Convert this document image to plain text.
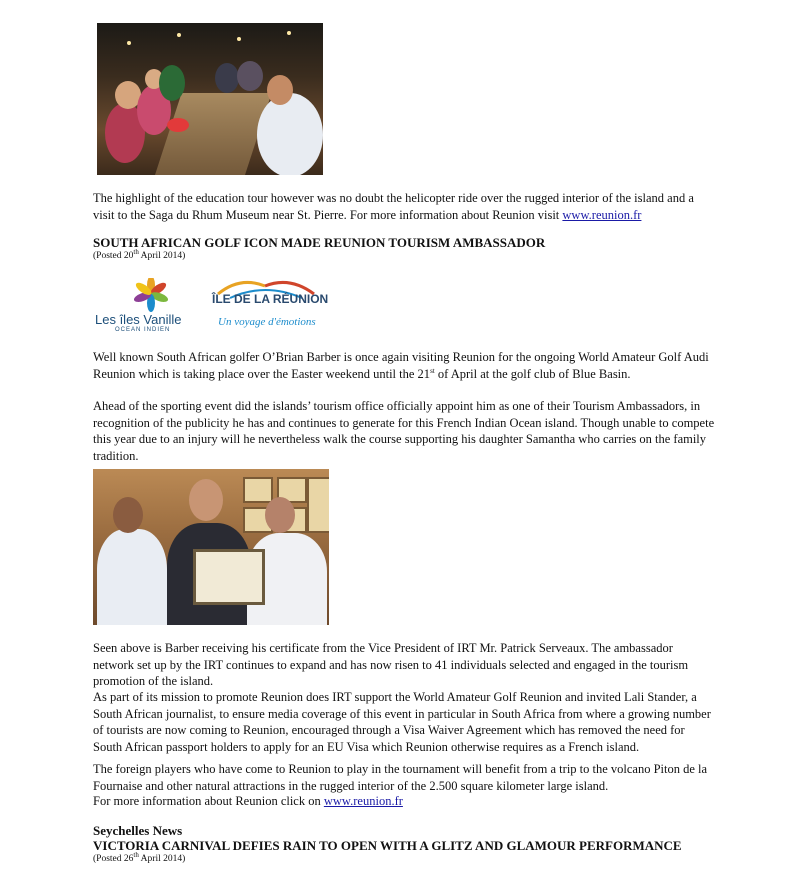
The highlight of the education tour however was no doubt the helicopter ride over the rugged interior of the island and a visit to the Saga du Rhum Museum near St. Pierre. For more information about Reunion visit www.reunion.fr

SOUTH AFRICAN GOLF ICON MADE REUNION TOURISM AMBASSADOR
(Posted 20th April 2014)
Les îles Vanille
OCEAN INDIEN
ÎLE DE LA RÉUNION
Un voyage d'émotions

Well known South African golfer O’Brian Barber is once again visiting Reunion for the ongoing World Amateur Golf Audi Reunion which is taking place over the Easter weekend until the 21st of April at the golf club of Blue Basin.

Ahead of the sporting event did the islands’ tourism office officially appoint him as one of their Tourism Ambassadors, in recognition of the publicity he has and continues to generate for this French Indian Ocean island. Though unable to compete this year due to an injury will he nevertheless walk the course supporting his daughter Samantha who carries on the family tradition.

Seen above is Barber receiving his certificate from the Vice President of IRT Mr. Patrick Serveaux. The ambassador network set up by the IRT continues to expand and has now risen to 41 individuals selected and engaged in the tourism promotion of the island.

As part of its mission to promote Reunion does IRT support the World Amateur Golf Reunion and invited Lali Stander, a South African journalist, to ensure media coverage of this event in particular in South Africa from where a growing number of tourists are now coming to Reunion, encouraged through a Visa Waiver Agreement which has removed the need for South African passport holders to apply for an EU Visa which Reunion otherwise requires as a French island.

The foreign players who have come to Reunion to play in the tournament will benefit from a trip to the volcano Piton de la Fournaise and other natural attractions in the rugged interior of the 2.500 square kilometer large island.

For more information about Reunion click on www.reunion.fr

Seychelles News
VICTORIA CARNIVAL DEFIES RAIN TO OPEN WITH A GLITZ AND GLAMOUR PERFORMANCE
(Posted 26th April 2014)
